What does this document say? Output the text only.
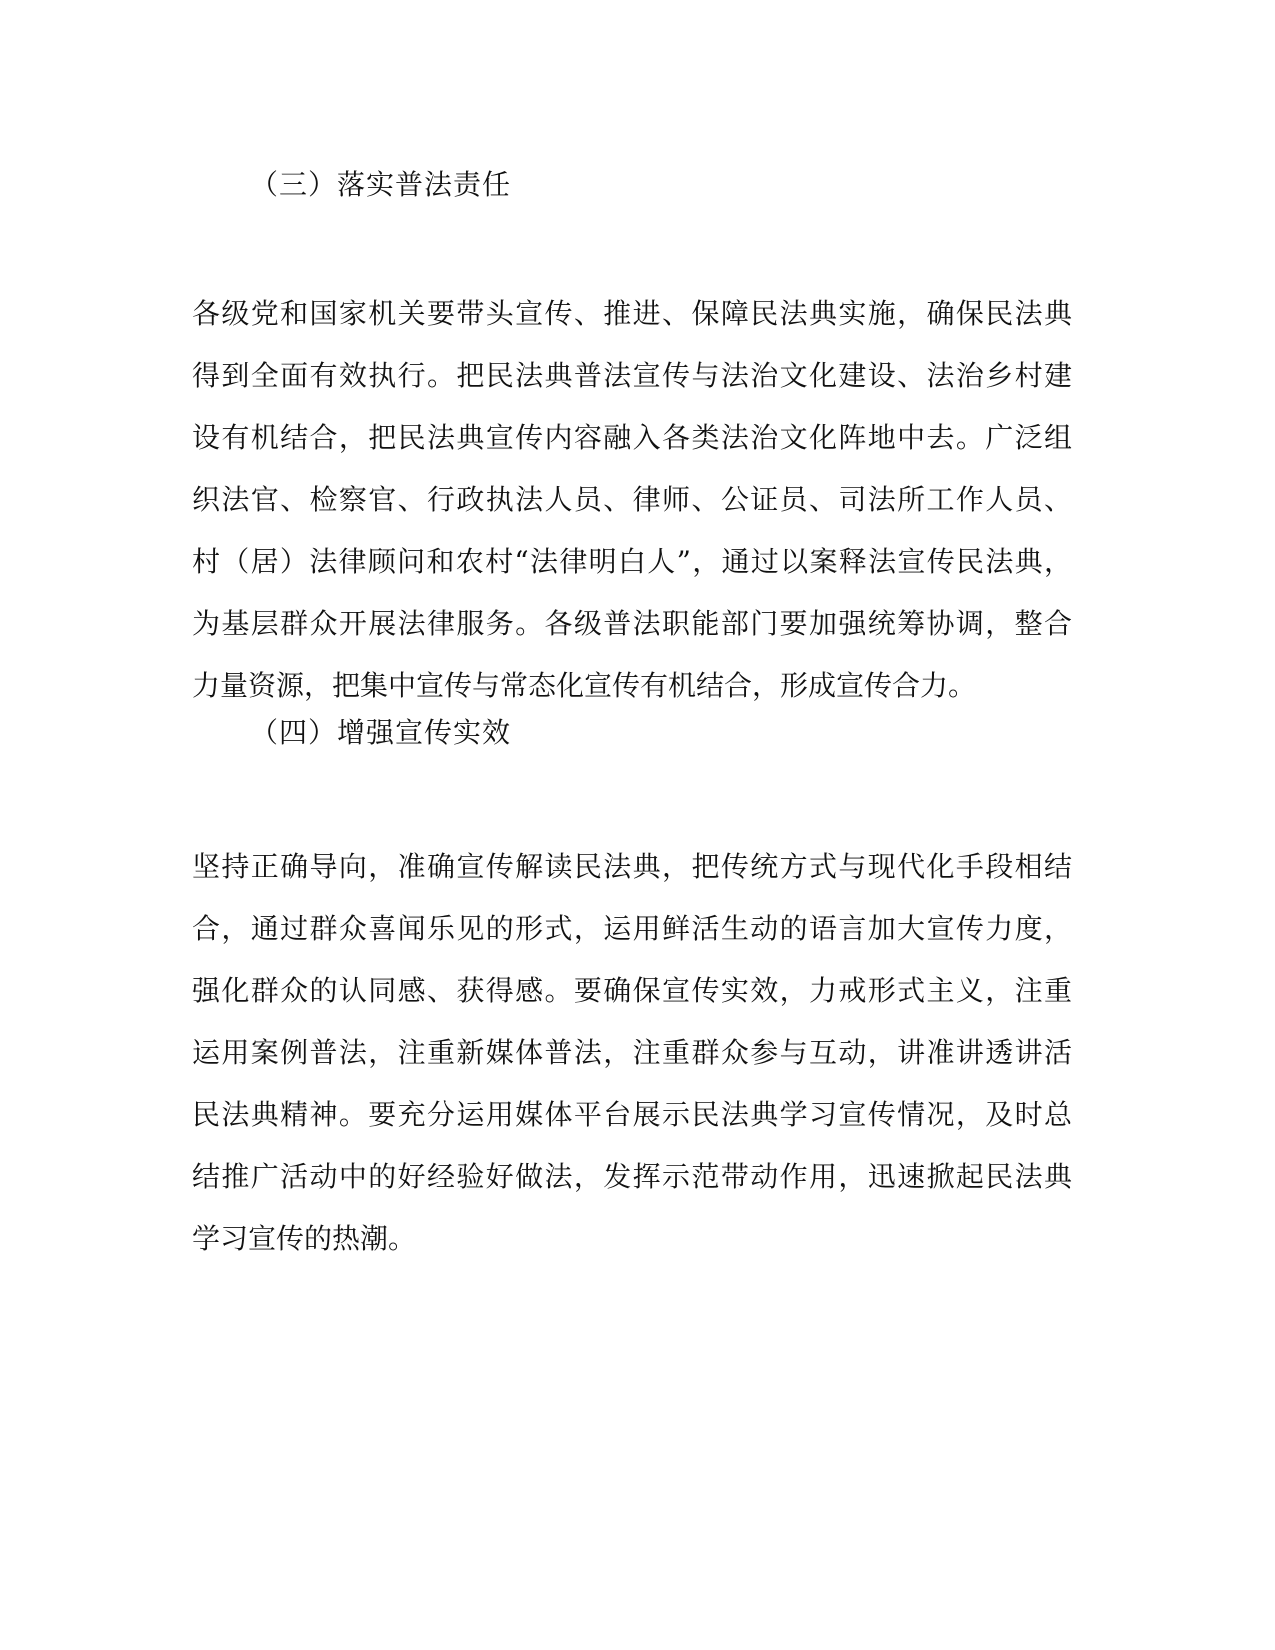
（三）落实普法责任
各级党和国家机关要带头宣传、推进、保障民法典实施，确保民法典
得到全面有效执行。把民法典普法宣传与法治文化建设、法治乡村建
设有机结合，把民法典宣传内容融入各类法治文化阵地中去。广泛组
织法官、检察官、行政执法人员、律师、公证员、司法所工作人员、
村（居）法律顾问和农村“法律明白人”，通过以案释法宣传民法典，
为基层群众开展法律服务。各级普法职能部门要加强统筹协调，整合
力量资源，把集中宣传与常态化宣传有机结合，形成宣传合力。
（四）增强宣传实效
坚持正确导向，准确宣传解读民法典，把传统方式与现代化手段相结
合，通过群众喜闻乐见的形式，运用鲜活生动的语言加大宣传力度，
强化群众的认同感、获得感。要确保宣传实效，力戒形式主义，注重
运用案例普法，注重新媒体普法，注重群众参与互动，讲准讲透讲活
民法典精神。要充分运用媒体平台展示民法典学习宣传情况，及时总
结推广活动中的好经验好做法，发挥示范带动作用，迅速掀起民法典
学习宣传的热潮。
